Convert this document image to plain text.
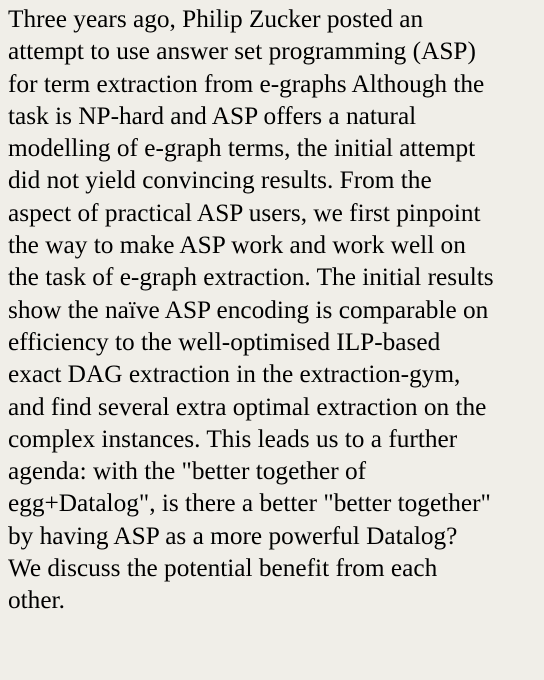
Three years ago, Philip Zucker posted an
attempt to use answer set programming (ASP)
for term extraction from e-graphs Although the
task is NP-hard and ASP offers a natural
modelling of e-graph terms, the initial attempt
did not yield convincing results. From the
aspect of practical ASP users, we first pinpoint
the way to make ASP work and work well on
the task of e-graph extraction. The initial results
show the naïve ASP encoding is comparable on
efficiency to the well-optimised ILP-based
exact DAG extraction in the extraction-gym,
and find several extra optimal extraction on the
complex instances. This leads us to a further
agenda: with the "better together of
egg+Datalog", is there a better "better together"
by having ASP as a more powerful Datalog?
We discuss the potential benefit from each
other.
